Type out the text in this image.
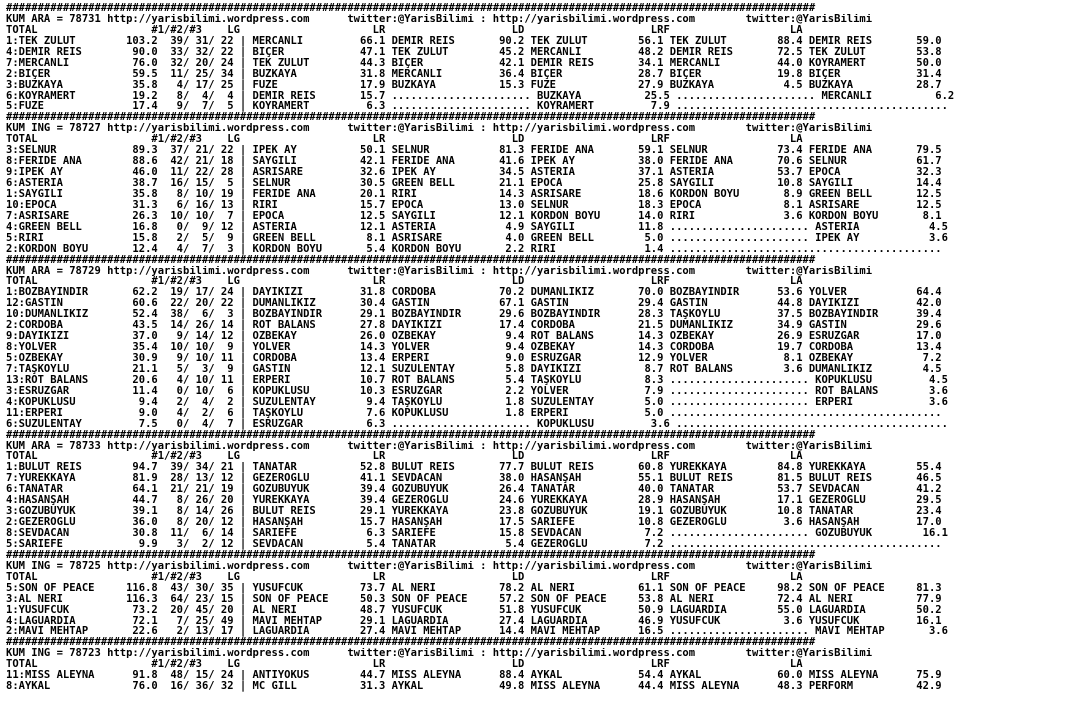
################################################################################################################################
KUM ARA = 78731 http://yarisbilimi.wordpress.com      twitter:@YarisBilimi : http://yarisbilimi.wordpress.com        twitter:@YarisBilimi
TOTAL                  #1/#2/#3    LG                     LR                    LD                    LRF                   LA
1:TEK ZULUT        103.2  39/ 31/ 22 | MERCANLI         66.1 DEMİR REİS       90.2 TEK ZULUT        56.1 TEK ZULUT        88.4 DEMİR REİS       59.0
4:DEMİR REİS        90.0  33/ 32/ 22 | BİÇER            47.1 TEK ZULUT        45.2 MERCANLI         48.2 DEMİR REİS       72.5 TEK ZULUT        53.8
7:MERCANLI          76.0  32/ 20/ 24 | TEK ZULUT        44.3 BİÇER            42.1 DEMİR REİS       34.1 MERCANLI         44.0 KOYRAMERT        50.0
2:BİÇER             59.5  11/ 25/ 34 | BUZKAYA          31.8 MERCANLI         36.4 BİÇER            28.7 BİÇER            19.8 BİÇER            31.4
3:BUZKAYA           35.8   4/ 17/ 25 | FÜZE             17.9 BUZKAYA          15.3 FÜZE             27.9 BUZKAYA           4.5 BUZKAYA          28.7
6:KOYRAMERT         19.2   8/  4/  4 | DEMİR REİS       15.7 ...................... BUZKAYA          25.5 ...................... MERCANLI          6.2
5:FÜZE              17.4   9/  7/  5 | KOYRAMERT         6.3 ...................... KOYRAMERT         7.9 ...........................................
################################################################################################################################
KUM ING = 78727 http://yarisbilimi.wordpress.com      twitter:@YarisBilimi : http://yarisbilimi.wordpress.com        twitter:@YarisBilimi
TOTAL                  #1/#2/#3    LG                     LR                    LD                    LRF                   LA
3:SELNUR            89.3  37/ 21/ 22 | İPEK AY          50.1 SELNUR           81.3 FERİDE ANA       59.1 SELNUR           73.4 FERİDE ANA       79.5
8:FERİDE ANA        88.6  42/ 21/ 18 | SAYGILI          42.1 FERİDE ANA       41.6 İPEK AY          38.0 FERİDE ANA       70.6 SELNUR           61.7
9:İPEK AY           46.0  11/ 22/ 28 | ASRISARE         32.6 İPEK AY          34.5 ASTERİA          37.1 ASTERİA          53.7 EPOCA            32.3
6:ASTERIA           38.7  16/ 15/  5 | SELNUR           30.5 GREEN BELL       21.1 EPOCA            25.8 SAYGILI          10.8 SAYGILI          14.4
1:SAYGILI           35.8   8/ 10/ 19 | FERİDE ANA       20.1 RİRİ             14.3 ASRISARE         18.6 KORDON BOYU       8.9 GREEN BELL       12.5
10:EPOCA            31.3   6/ 16/ 13 | RİRİ             15.7 EPOCA            13.0 SELNUR           18.3 EPOCA             8.1 ASRISARE         12.5
7:ASRISARE          26.3  10/ 10/  7 | EPOCA            12.5 SAYGILI          12.1 KORDON BOYU      14.0 RİRİ              3.6 KORDON BOYU       8.1
4:GREEN BELL        16.8   0/  9/ 12 | ASTERİA          12.1 ASTERİA           4.9 SAYGILI          11.8 ...................... ASTERİA           4.5
5:RİRİ              15.8   2/  5/  9 | GREEN BELL        8.1 ASRISARE          4.0 GREEN BELL        5.0 ...................... İPEK AY           3.6
2:KORDON BOYU       12.4   4/  7/  3 | KORDON BOYU       5.4 KORDON BOYU       2.2 RİRİ              1.4 ...........................................
################################################################################################################################
KUM ARA = 78729 http://yarisbilimi.wordpress.com      twitter:@YarisBilimi : http://yarisbilimi.wordpress.com        twitter:@YarisBilimi
TOTAL                  #1/#2/#3    LG                     LR                    LD                    LRF                   LA
1:BOZBAYINDIR       62.2  19/ 17/ 24 | DAYIKIZI         31.8 CORDOBA          70.2 DUMANLIKIZ       70.0 BOZBAYINDIR      53.6 YOLVER           64.4
12:GASTİN           60.6  22/ 20/ 22 | DUMANLIKIZ       30.4 GASTİN           67.1 GASTİN           29.4 GASTİN           44.8 DAYIKIZI         42.0
10:DUMANLIKIZ       52.4  38/  6/  3 | BOZBAYINDIR      29.1 BOZBAYINDIR      29.6 BOZBAYINDIR      28.3 TAŞKÖYLÜ         37.5 BOZBAYINDIR      39.4
2:CORDOBA           43.5  14/ 26/ 14 | ROT BALANS       27.8 DAYIKIZI         17.4 CORDOBA          21.5 DUMANLIKIZ       34.9 GASTİN           29.6
9:DAYIKIZI          37.0   9/ 14/ 12 | ÖZBEKAY          26.0 ÖZBEKAY           9.4 ROT BALANS       14.3 ÖZBEKAY          26.9 ESRÜZGAR         17.0
8:YOLVER            35.4  10/ 10/  9 | YOLVER           14.3 YOLVER            9.4 ÖZBEKAY          14.3 CORDOBA          19.7 CORDOBA          13.4
5:ÖZBEKAY           30.9   9/ 10/ 11 | CORDOBA          13.4 ERPERİ            9.0 ESRÜZGAR         12.9 YOLVER            8.1 ÖZBEKAY           7.2
7:TAŞKÖYLÜ          21.1   5/  3/  9 | GASTİN           12.1 SÜZÜLENTAY        5.8 DAYIKIZI          8.7 ROT BALANS        3.6 DUMANLIKIZ        4.5
13:ROT BALANS       20.6   4/ 10/ 11 | ERPERİ           10.7 ROT BALANS        5.4 TAŞKÖYLÜ          8.3 ...................... KÖPÜKLÜSÜ         4.5
3:ESRÜZGAR          11.4   0/ 10/  6 | KÖPÜKLÜSÜ        10.3 ESRÜZGAR          2.2 YOLVER            7.9 ...................... ROT BALANS        3.6
4:KÖPÜKLÜSÜ          9.4   2/  4/  2 | SÜZÜLENTAY        9.4 TAŞKÖYLÜ          1.8 SÜZÜLENTAY        5.0 ...................... ERPERİ            3.6
11:ERPERİ            9.0   4/  2/  6 | TAŞKÖYLÜ          7.6 KÖPÜKLÜSÜ         1.8 ERPERİ            5.0 ...........................................
6:SÜZÜLENTAY         7.5   0/  4/  7 | ESRÜZGAR          6.3 ...................... KÖPÜKLÜSÜ         3.6 ...........................................
################################################################################################################################
KUM ARA = 78733 http://yarisbilimi.wordpress.com      twitter:@YarisBilimi : http://yarisbilimi.wordpress.com        twitter:@YarisBilimi
TOTAL                  #1/#2/#3    LG                     LR                    LD                    LRF                   LA
1:BULUT REİS        94.7  39/ 34/ 21 | TANATAR          52.8 BULUT REİS       77.7 BULUT REİS       60.8 YÜREKKAYA        84.8 YÜREKKAYA        55.4
7:YÜREKKAYA         81.9  28/ 13/ 12 | GEZEROĞLU        41.1 SEVDACAN         38.0 HASANŞAH         55.1 BULUT REİS       81.5 BULUT REİS       46.5
6:TANATAR           64.1  21/ 21/ 19 | GÖZÜBÜYÜK        39.4 GÖZÜBÜYÜK        26.4 TANATAR          40.0 TANATAR          53.7 SEVDACAN         41.2
4:HASANŞAH          44.7   8/ 26/ 20 | YÜREKKAYA        39.4 GEZEROĞLU        24.6 YÜREKKAYA        28.9 HASANŞAH         17.1 GEZEROĞLU        29.5
3:GÖZÜBÜYÜK         39.1   8/ 14/ 26 | BULUT REİS       29.1 YÜREKKAYA        23.8 GÖZÜBÜYÜK        19.1 GÖZÜBÜYÜK        10.8 TANATAR          23.4
2:GEZEROĞLU         36.0   8/ 20/ 12 | HASANŞAH         15.7 HASANŞAH         17.5 SARİEFE          10.8 GEZEROĞLU         3.6 HASANŞAH         17.0
8:SEVDACAN          30.8  11/  6/ 14 | SARİEFE           6.3 SARİEFE          15.8 SEVDACAN          7.2 ...................... GÖZÜBÜYÜK        16.1
5:SARİEFE            9.9   3/  2/ 12 | SEVDACAN          5.4 TANATAR           5.4 GEZEROĞLU         7.2 ...........................................
################################################################################################################################
KUM ING = 78725 http://yarisbilimi.wordpress.com      twitter:@YarisBilimi : http://yarisbilimi.wordpress.com        twitter:@YarisBilimi
TOTAL                  #1/#2/#3    LG                     LR                    LD                    LRF                   LA
5:SON OF PEACE     116.8  43/ 30/ 35 | YUSUFCUK         73.7 AL NERİ          78.2 AL NERİ          61.1 SON OF PEACE     98.2 SON OF PEACE     81.3
3:AL NERİ          116.3  64/ 23/ 15 | SON OF PEACE     50.3 SON OF PEACE     57.2 SON OF PEACE     53.8 AL NERİ          72.4 AL NERİ          77.9
1:YUSUFCUK          73.2  20/ 45/ 20 | AL NERİ          48.7 YUSUFCUK         51.8 YUSUFCUK         50.9 LAGUARDIA        55.0 LAGUARDIA        50.2
4:LAGUARDIA         72.1   7/ 25/ 49 | MAVİ MEHTAP      29.1 LAGUARDIA        27.4 LAGUARDIA        46.9 YUSUFCUK          3.6 YUSUFCUK         16.1
2:MAVİ MEHTAP       22.6   2/ 13/ 17 | LAGUARDIA        27.4 MAVİ MEHTAP      14.4 MAVİ MEHTAP      16.5 ...................... MAVİ MEHTAP       3.6
################################################################################################################################
KUM ING = 78723 http://yarisbilimi.wordpress.com      twitter:@YarisBilimi : http://yarisbilimi.wordpress.com        twitter:@YarisBilimi
TOTAL                  #1/#2/#3    LG                     LR                    LD                    LRF                   LA
11:MISS ALEYNA      91.8  48/ 15/ 24 | ANTIYOKUS        44.7 MISS ALEYNA      88.4 AYKAL            54.4 AYKAL            60.0 MISS ALEYNA      75.9
8:AYKAL             76.0  16/ 36/ 32 | MC GILL          31.3 AYKAL            49.8 MISS ALEYNA      44.4 MISS ALEYNA      48.3 PERFORM          42.9
